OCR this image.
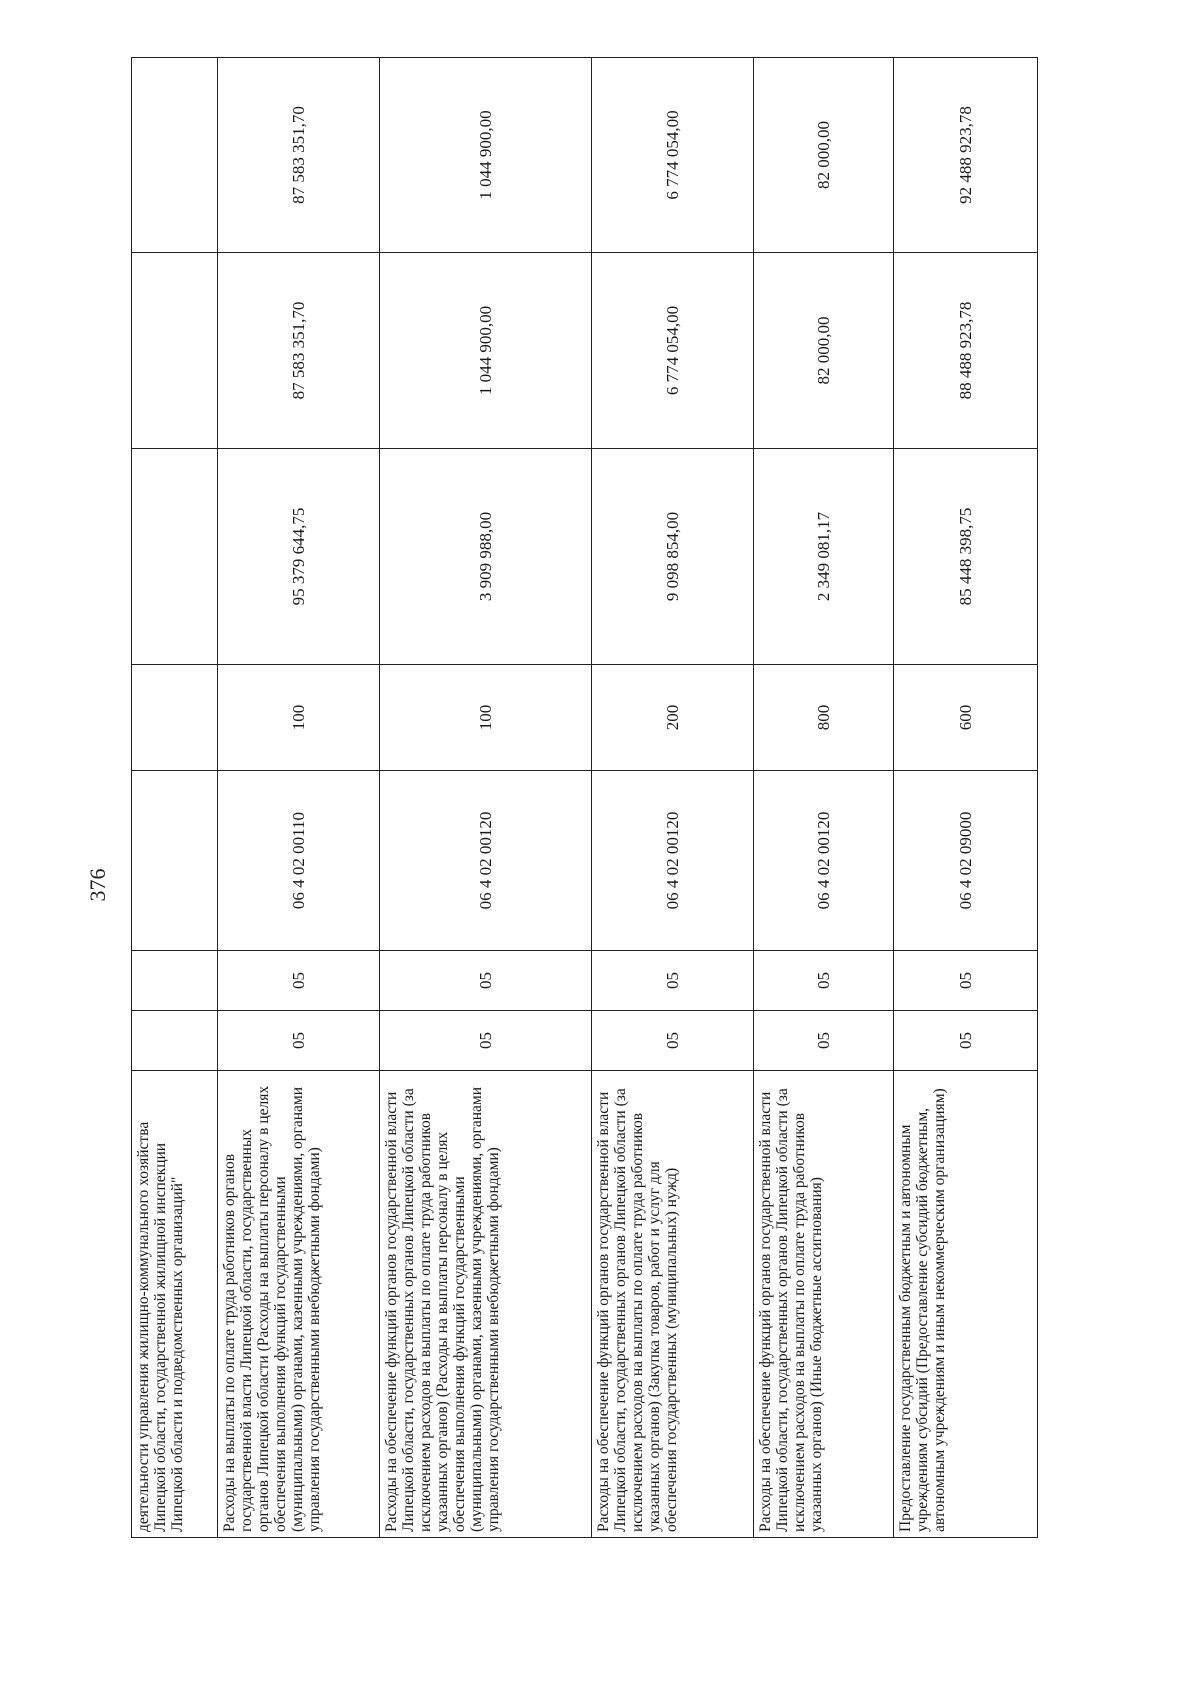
376
деятельности управления жилищно-коммунального хозяйства Липецкой области, государственной жилищной инспекции Липецкой области и подведомственных организаций"							
Расходы на выплаты по оплате труда работников органов государственной власти Липецкой области, государственных органов Липецкой области (Расходы на выплаты персоналу в целях обеспечения выполнения функций государственными (муниципальными) органами, казенными учреждениями, органами управления государственными внебюджетными фондами)	05	05	06 4 02 00110	100	95 379 644,75	87 583 351,70	87 583 351,70
Расходы на обеспечение функций органов государственной власти Липецкой области, государственных органов Липецкой области (за исключением расходов на выплаты по оплате труда работников указанных органов) (Расходы на выплаты персоналу в целях обеспечения выполнения функций государственными (муниципальными) органами, казенными учреждениями, органами управления государственными внебюджетными фондами)	05	05	06 4 02 00120	100	3 909 988,00	1 044 900,00	1 044 900,00
Расходы на обеспечение функций органов государственной власти Липецкой области, государственных органов Липецкой области (за исключением расходов на выплаты по оплате труда работников указанных органов) (Закупка товаров, работ и услуг для обеспечения государственных (муниципальных) нужд)	05	05	06 4 02 00120	200	9 098 854,00	6 774 054,00	6 774 054,00
Расходы на обеспечение функций органов государственной власти Липецкой области, государственных органов Липецкой области (за исключением расходов на выплаты по оплате труда работников указанных органов) (Иные бюджетные ассигнования)	05	05	06 4 02 00120	800	2 349 081,17	82 000,00	82 000,00
Предоставление государственным бюджетным и автономным учреждениям субсидий (Предоставление субсидий бюджетным, автономным учреждениям и иным некоммерческим организациям)	05	05	06 4 02 09000	600	85 448 398,75	88 488 923,78	92 488 923,78
